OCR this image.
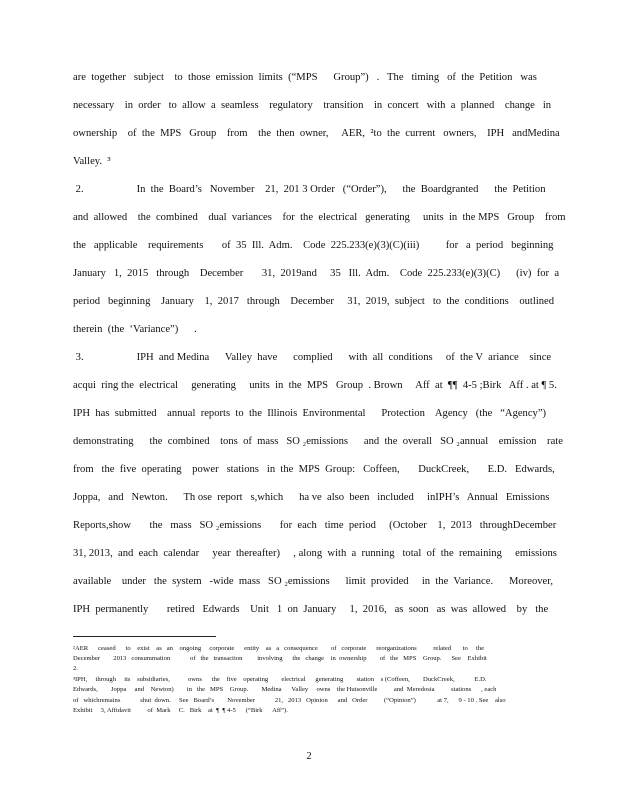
are  together   subject    to  those  emission  limits  (“MPS      Group”)   .   The   timing   of  the  Petition   was
necessary    in  order   to  allow  a  seamless    regulatory    transition    in  concert   with  a  planned    change   in
ownership    of  the  MPS   Group    from    the  then  owner,     AER,  ²to  the  current   owners,    IPH   andMedina
Valley.  ³
2.                    In  the  Board’s   November    21,  201 3 Order   (“Order”),      the  Boardgranted      the  Petition
and  allowed    the  combined    dual  variances    for  the  electrical   generating     units  in  the MPS   Group    from
the   applicable    requirements       of  35  Ill.  Adm.    Code  225.233(e)(3)(C)(iii)          for   a  period   beginning
January   1,  2015   through    December       31,  2019and     35   Ill.  Adm.    Code  225.233(e)(3)(C)      (iv)  for  a
period   beginning    January    1,  2017   through    December     31,  2019,  subject   to  the  conditions    outlined
therein  (the  ‘Variance”)      .
3.                    IPH  and Medina      Valley  have      complied      with  all  conditions     of  the V  ariance    since
acqui  ring the  electrical     generating     units  in  the  MPS   Group  . Brown     Aff  at  ¶¶  4-5 ;Birk   Aff . at ¶ 5.
IPH  has  submitted    annual  reports  to  the  Illinois  Environmental      Protection    Agency   (the   “Agency”)
demonstrating      the  combined    tons  of  mass   SO ₂emissions      and  the  overall   SO ₂annual    emission    rate
from   the  five  operating    power   stations   in  the  MPS  Group:   Coffeen,       DuckCreek,       E.D.   Edwards,
Joppa,   and   Newton.      Th ose  report   s,which      ha ve  also  been   included     inIPH’s   Annual   Emissions
Reports,show       the   mass   SO ₂emissions       for  each   time  period     (October    1,  2013   throughDecember
31, 2013,  and  each  calendar     year  thereafter)     , along  with  a  running   total  of  the  remaining     emissions
available    under   the  system   -wide  mass   SO ₂emissions      limit  provided     in  the  Variance.      Moreover,
IPH  permanently       retired   Edwards    Unit   1  on  January     1,  2016,   as  soon   as  was  allowed    by   the
²AER      ceased      to    exist    as   an    ongoing     corporate      entity    as   a   consequence        of   corporate      reorganizations          related       to     the
December        2013   consummation            of   the   transaction         involving      the   change    in  ownership        of   the   MPS    Group.      See    Exhibit
2.
³IPH,     through     its    subsidiaries,           owns      the    five    operating        electrical      generating        station    s (Coffeen,        DuckCreek,            E.D.
Edwards,        Joppa     and    Newton)        in   the   MPS    Group.        Medina      Valley     owns    the Hutsonville          and  Meredosia          stations      , each
of   whichremains            shut  down.     See   Board’s        November            21,   2013   Opinion      and   Order          (“Opinion”)             at 7,      9 - 10 . See    also
Exhibit     3, Affidavit          of  Mark     C.   Birk    at  ¶  ¶ 4-5      (“Birk      Aff”).
2
